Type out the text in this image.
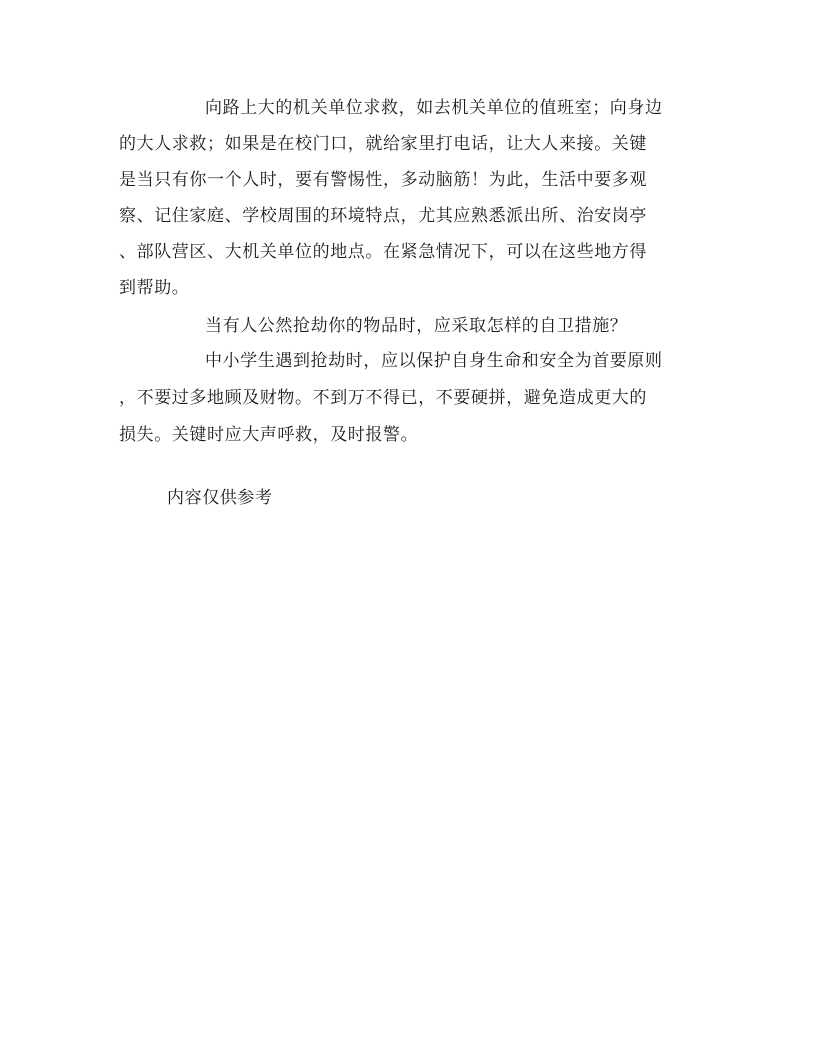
向路上大的机关单位求救，如去机关单位的值班室；向身边
的大人求救；如果是在校门口，就给家里打电话，让大人来接。关键
是当只有你一个人时，要有警惕性，多动脑筋！为此，生活中要多观
察、记住家庭、学校周围的环境特点，尤其应熟悉派出所、治安岗亭
、部队营区、大机关单位的地点。在紧急情况下，可以在这些地方得
到帮助。
当有人公然抢劫你的物品时，应采取怎样的自卫措施？
中小学生遇到抢劫时，应以保护自身生命和安全为首要原则
，不要过多地顾及财物。不到万不得已，不要硬拼，避免造成更大的
损失。关键时应大声呼救，及时报警。
内容仅供参考
